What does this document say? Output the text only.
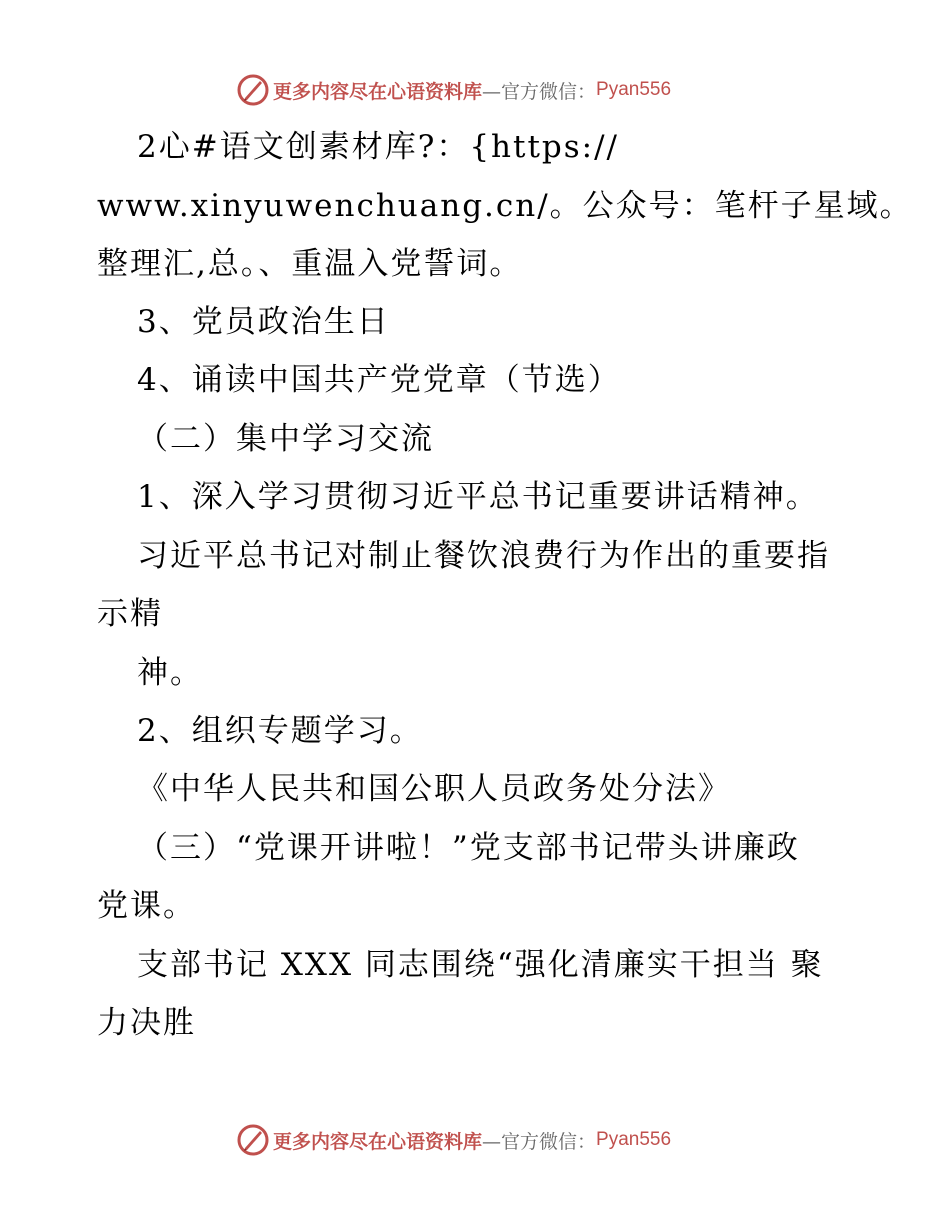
更多内容尽在心语资料库 —官方微信： Pyan556
2心#语文创素材库?：{https://
www.xinyuwenchuang.cn/。公众号：笔杆子星域。
整理汇,总。、重温入党誓词。
3、党员政治生日
4、诵读中国共产党党章（节选）
（二）集中学习交流
1、深入学习贯彻习近平总书记重要讲话精神。
习近平总书记对制止餐饮浪费行为作出的重要指
示精
神。
2、组织专题学习。
《中华人民共和国公职人员政务处分法》
（三）“党课开讲啦！”党支部书记带头讲廉政
党课。
支部书记 XXX 同志围绕“强化清廉实干担当 聚
力决胜
更多内容尽在心语资料库 —官方微信： Pyan556
